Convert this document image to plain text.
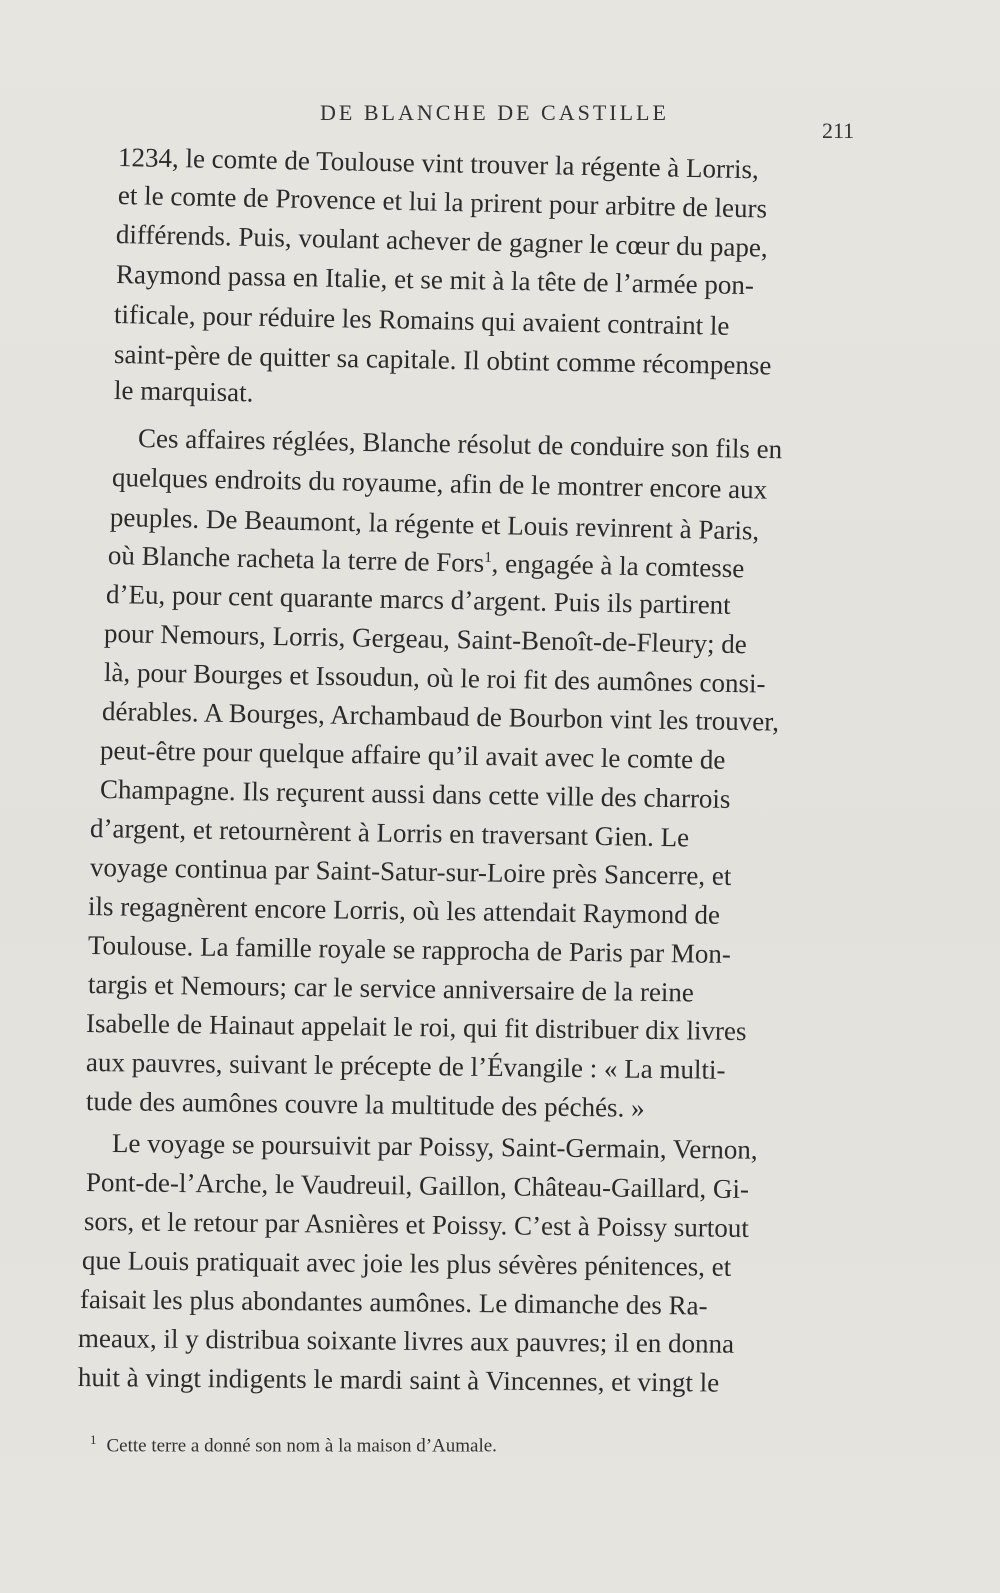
DE BLANCHE DE CASTILLE
211
1234, le comte de Toulouse vint trouver la régente à Lorris,
et le comte de Provence et lui la prirent pour arbitre de leurs
différends. Puis, voulant achever de gagner le cœur du pape,
Raymond passa en Italie, et se mit à la tête de l’armée pon-
tificale, pour réduire les Romains qui avaient contraint le
saint-père de quitter sa capitale. Il obtint comme récompense
le marquisat.
Ces affaires réglées, Blanche résolut de conduire son fils en
quelques endroits du royaume, afin de le montrer encore aux
peuples. De Beaumont, la régente et Louis revinrent à Paris,
où Blanche racheta la terre de Fors$^1$, engagée à la comtesse
d’Eu, pour cent quarante marcs d’argent. Puis ils partirent
pour Nemours, Lorris, Gergeau, Saint-Benoît-de-Fleury; de
là, pour Bourges et Issoudun, où le roi fit des aumônes consi-
dérables. A Bourges, Archambaud de Bourbon vint les trouver,
peut-être pour quelque affaire qu’il avait avec le comte de
Champagne. Ils reçurent aussi dans cette ville des charrois
d’argent, et retournèrent à Lorris en traversant Gien. Le
voyage continua par Saint-Satur-sur-Loire près Sancerre, et
ils regagnèrent encore Lorris, où les attendait Raymond de
Toulouse. La famille royale se rapprocha de Paris par Mon-
targis et Nemours; car le service anniversaire de la reine
Isabelle de Hainaut appelait le roi, qui fit distribuer dix livres
aux pauvres, suivant le précepte de l’Évangile : « La multi-
tude des aumônes couvre la multitude des péchés. »
Le voyage se poursuivit par Poissy, Saint-Germain, Vernon,
Pont-de-l’Arche, le Vaudreuil, Gaillon, Château-Gaillard, Gi-
sors, et le retour par Asnières et Poissy. C’est à Poissy surtout
que Louis pratiquait avec joie les plus sévères pénitences, et
faisait les plus abondantes aumônes. Le dimanche des Ra-
meaux, il y distribua soixante livres aux pauvres; il en donna
huit à vingt indigents le mardi saint à Vincennes, et vingt le
$^1$ Cette terre a donné son nom à la maison d’Aumale.
